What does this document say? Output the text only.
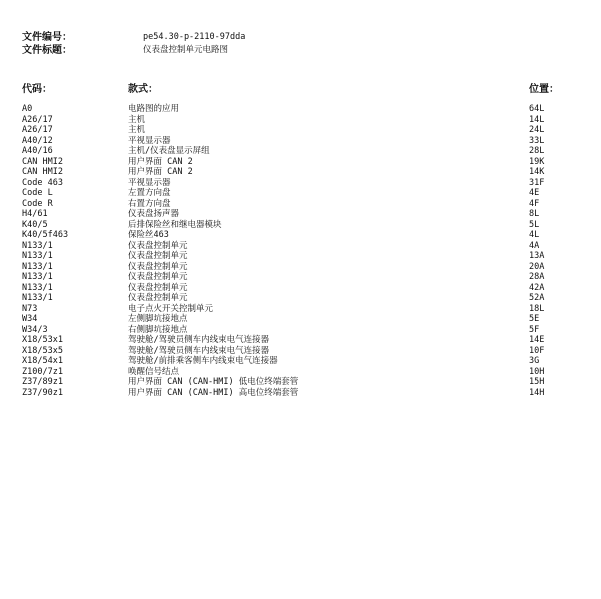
文件编号：	pe54.30-p-2110-97dda
文件标题：	仪表盘控制单元电路图
代码：	款式：	位置：
A0	电路图的应用	64L
A26/17	主机	14L
A26/17	主机	24L
A40/12	平视显示器	33L
A40/16	主机/仪表盘显示屏组	28L
CAN HMI2	用户界面 CAN 2	19K
CAN HMI2	用户界面 CAN 2	14K
Code 463	平视显示器	31F
Code L	左置方向盘	4E
Code R	右置方向盘	4F
H4/61	仪表盘扬声器	8L
K40/5	后排保险丝和继电器模块	5L
K40/5f463	保险丝463	4L
N133/1	仪表盘控制单元	4A
N133/1	仪表盘控制单元	13A
N133/1	仪表盘控制单元	20A
N133/1	仪表盘控制单元	28A
N133/1	仪表盘控制单元	42A
N133/1	仪表盘控制单元	52A
N73	电子点火开关控制单元	18L
W34	左侧脚坑接地点	5E
W34/3	右侧脚坑接地点	5F
X18/53x1	驾驶舱/驾驶员侧车内线束电气连接器	14E
X18/53x5	驾驶舱/驾驶员侧车内线束电气连接器	10F
X18/54x1	驾驶舱/前排乘客侧车内线束电气连接器	3G
Z100/7z1	唤醒信号结点	10H
Z37/89z1	用户界面 CAN (CAN-HMI) 低电位终端套管	15H
Z37/90z1	用户界面 CAN (CAN-HMI) 高电位终端套管	14H
